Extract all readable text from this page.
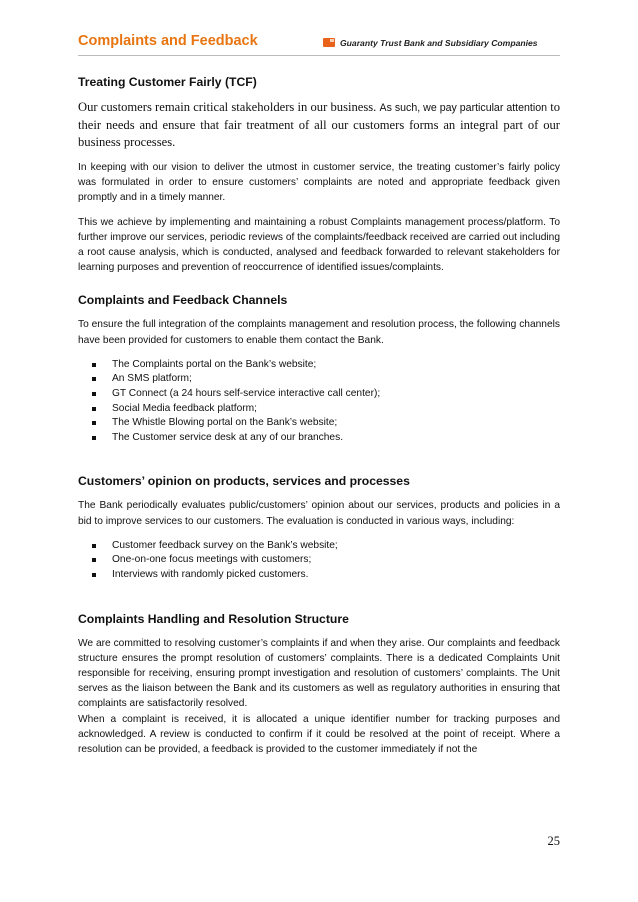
Complaints and Feedback	Guaranty Trust Bank and Subsidiary Companies
Treating Customer Fairly (TCF)

Our customers remain critical stakeholders in our business. As such, we pay particular attention to their needs and ensure that fair treatment of all our customers forms an integral part of our business processes.

In keeping with our vision to deliver the utmost in customer service, the treating customer’s fairly policy was formulated in order to ensure customers’ complaints are noted and appropriate feedback given promptly and in a timely manner.

This we achieve by implementing and maintaining a robust Complaints management process/platform. To further improve our services, periodic reviews of the complaints/feedback received are carried out including a root cause analysis, which is conducted, analysed and feedback forwarded to relevant stakeholders for learning purposes and prevention of reoccurrence of identified issues/complaints.

Complaints and Feedback Channels

To ensure the full integration of the complaints management and resolution process, the following channels have been provided for customers to enable them contact the Bank.

The Complaints portal on the Bank’s website;
An SMS platform;
GT Connect (a 24 hours self-service interactive call center);
Social Media feedback platform;
The Whistle Blowing portal on the Bank’s website;
The Customer service desk at any of our branches.
Customers’ opinion on products, services and processes

The Bank periodically evaluates public/customers’ opinion about our services, products and policies in a bid to improve services to our customers. The evaluation is conducted in various ways, including:

Customer feedback survey on the Bank’s website;
One-on-one focus meetings with customers;
Interviews with randomly picked customers.
Complaints Handling and Resolution Structure

We are committed to resolving customer’s complaints if and when they arise. Our complaints and feedback structure ensures the prompt resolution of customers’ complaints. There is a dedicated Complaints Unit responsible for receiving, ensuring prompt investigation and resolution of customers’ complaints. The Unit serves as the liaison between the Bank and its customers as well as regulatory authorities in ensuring that complaints are satisfactorily resolved.

When a complaint is received, it is allocated a unique identifier number for tracking purposes and acknowledged. A review is conducted to confirm if it could be resolved at the point of receipt. Where a resolution can be provided, a feedback is provided to the customer immediately if not the

25
